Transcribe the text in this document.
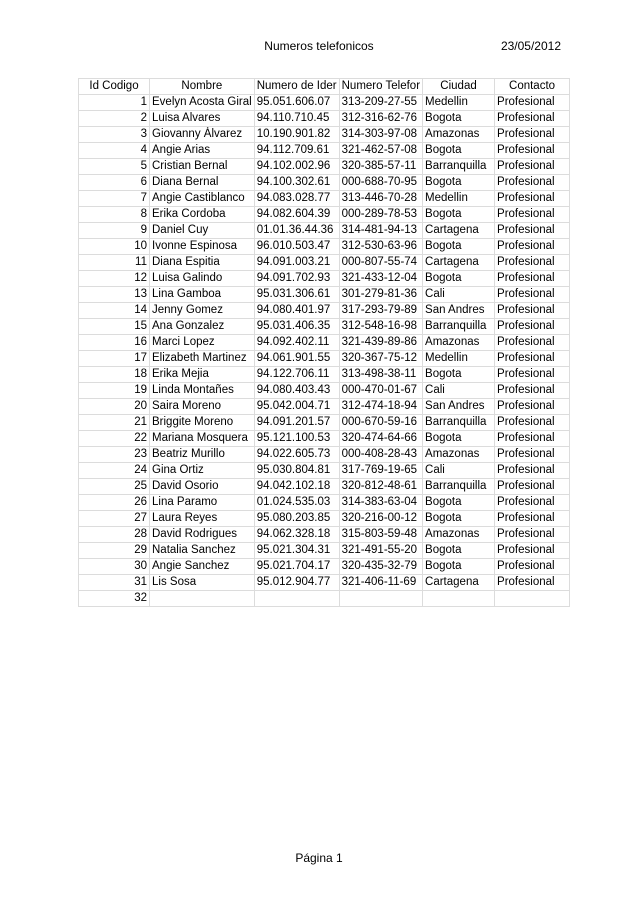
Numeros telefonicos	23/05/2012
Id Codigo	Nombre	Numero de Ider	Numero Telefor	Ciudad	Contacto
1	Evelyn Acosta Giral	95.051.606.07	313-209-27-55	Medellin	Profesional
2	Luisa Alvares	94.110.710.45	312-316-62-76	Bogota	Profesional
3	Giovanny Álvarez	10.190.901.82	314-303-97-08	Amazonas	Profesional
4	Angie Arias	94.112.709.61	321-462-57-08	Bogota	Profesional
5	Cristian Bernal	94.102.002.96	320-385-57-11	Barranquilla	Profesional
6	Diana Bernal	94.100.302.61	000-688-70-95	Bogota	Profesional
7	Angie Castiblanco	94.083.028.77	313-446-70-28	Medellin	Profesional
8	Erika Cordoba	94.082.604.39	000-289-78-53	Bogota	Profesional
9	Daniel Cuy	01.01.36.44.36	314-481-94-13	Cartagena	Profesional
10	Ivonne Espinosa	96.010.503.47	312-530-63-96	Bogota	Profesional
11	Diana Espitia	94.091.003.21	000-807-55-74	Cartagena	Profesional
12	Luisa Galindo	94.091.702.93	321-433-12-04	Bogota	Profesional
13	Lina Gamboa	95.031.306.61	301-279-81-36	Cali	Profesional
14	Jenny Gomez	94.080.401.97	317-293-79-89	San Andres	Profesional
15	Ana Gonzalez	95.031.406.35	312-548-16-98	Barranquilla	Profesional
16	Marci Lopez	94.092.402.11	321-439-89-86	Amazonas	Profesional
17	Elizabeth Martinez	94.061.901.55	320-367-75-12	Medellin	Profesional
18	Erika Mejia	94.122.706.11	313-498-38-11	Bogota	Profesional
19	Linda Montañes	94.080.403.43	000-470-01-67	Cali	Profesional
20	Saira Moreno	95.042.004.71	312-474-18-94	San Andres	Profesional
21	Briggite Moreno	94.091.201.57	000-670-59-16	Barranquilla	Profesional
22	Mariana Mosquera	95.121.100.53	320-474-64-66	Bogota	Profesional
23	Beatriz Murillo	94.022.605.73	000-408-28-43	Amazonas	Profesional
24	Gina Ortiz	95.030.804.81	317-769-19-65	Cali	Profesional
25	David Osorio	94.042.102.18	320-812-48-61	Barranquilla	Profesional
26	Lina Paramo	01.024.535.03	314-383-63-04	Bogota	Profesional
27	Laura Reyes	95.080.203.85	320-216-00-12	Bogota	Profesional
28	David Rodrigues	94.062.328.18	315-803-59-48	Amazonas	Profesional
29	Natalia Sanchez	95.021.304.31	321-491-55-20	Bogota	Profesional
30	Angie Sanchez	95.021.704.17	320-435-32-79	Bogota	Profesional
31	Lis Sosa	95.012.904.77	321-406-11-69	Cartagena	Profesional
32					
Página 1
